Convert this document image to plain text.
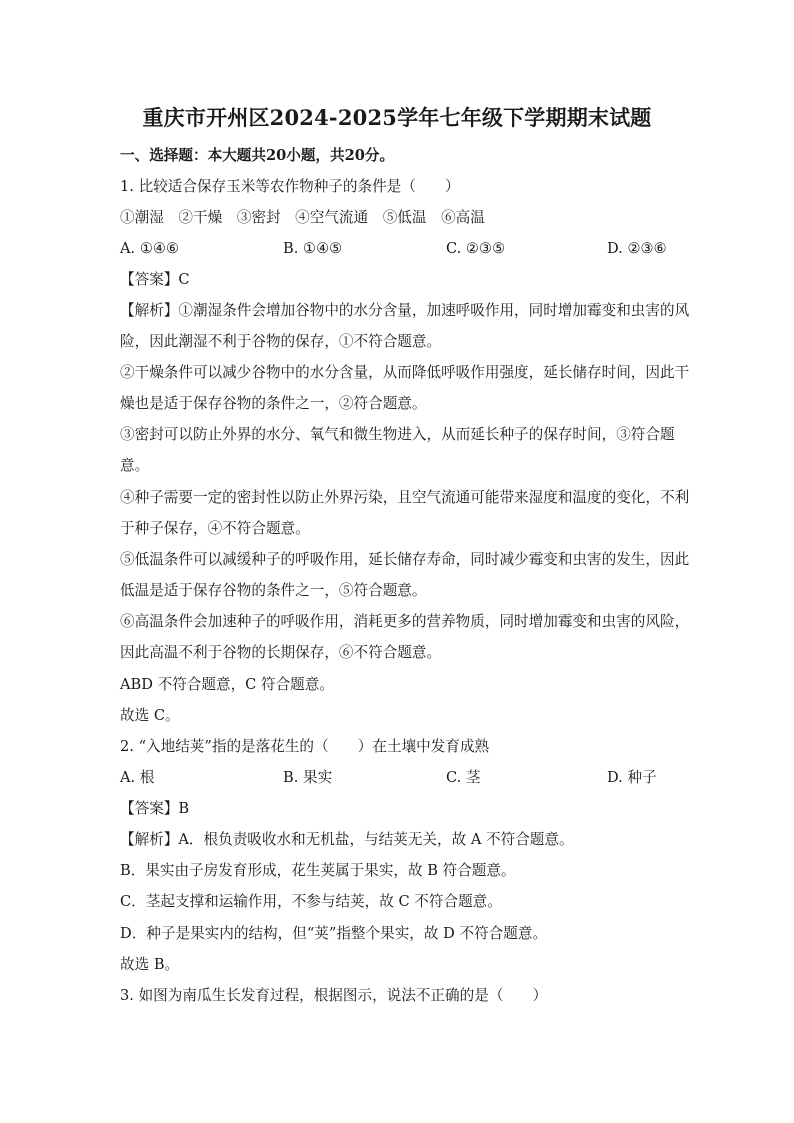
重庆市开州区2024-2025学年七年级下学期期末试题
一、选择题：本大题共20小题，共20分。
1. 比较适合保存玉米等农作物种子的条件是（　　）
①潮湿　②干燥　③密封　④空气流通　⑤低温　⑥高温
A. ①④⑥	B. ①④⑤	C. ②③⑤	D. ②③⑥
【答案】C
【解析】①潮湿条件会增加谷物中的水分含量，加速呼吸作用，同时增加霉变和虫害的风
险，因此潮湿不利于谷物的保存，①不符合题意。
②干燥条件可以减少谷物中的水分含量，从而降低呼吸作用强度，延长储存时间，因此干
燥也是适于保存谷物的条件之一，②符合题意。
③密封可以防止外界的水分、氧气和微生物进入，从而延长种子的保存时间，③符合题
意。
④种子需要一定的密封性以防止外界污染，且空气流通可能带来湿度和温度的变化，不利
于种子保存，④不符合题意。
⑤低温条件可以减缓种子的呼吸作用，延长储存寿命，同时减少霉变和虫害的发生，因此
低温是适于保存谷物的条件之一，⑤符合题意。
⑥高温条件会加速种子的呼吸作用，消耗更多的营养物质，同时增加霉变和虫害的风险，
因此高温不利于谷物的长期保存，⑥不符合题意。
ABD 不符合题意，C 符合题意。
故选 C。
2. “入地结荚”指的是落花生的（　　）在土壤中发育成熟
A. 根	B. 果实	C. 茎	D. 种子
【答案】B
【解析】A．根负责吸收水和无机盐，与结荚无关，故 A 不符合题意。
B．果实由子房发育形成，花生荚属于果实，故 B 符合题意。
C．茎起支撑和运输作用，不参与结荚，故 C 不符合题意。
D．种子是果实内的结构，但“荚”指整个果实，故 D 不符合题意。
故选 B。
3. 如图为南瓜生长发育过程，根据图示，说法不正确的是（　　）
